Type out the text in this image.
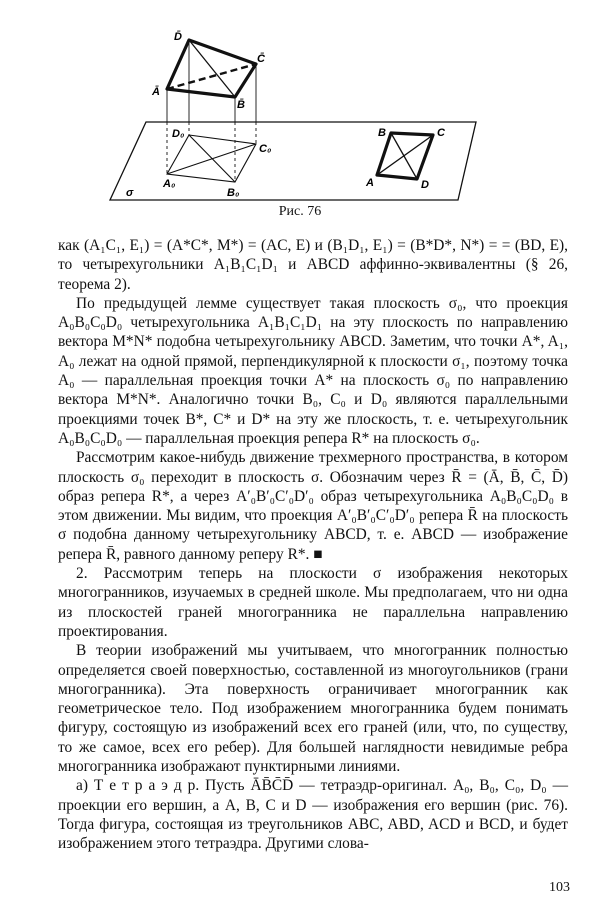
D̄
C̄
Ā
B̄
D₀
C₀
A₀
B₀
σ
B	C
A	D
Рис. 76

как (A₁C₁, E₁) = (A*C*, M*) = (AC, E) и (B₁D₁, E₁) = (B*D*, N*) = = (BD, E), то четырехугольники A₁B₁C₁D₁ и ABCD аффинно-эквивалентны (§ 26, теорема 2).

По предыдущей лемме существует такая плоскость σ₀, что проекция A₀B₀C₀D₀ четырехугольника A₁B₁C₁D₁ на эту плоскость по направлению вектора M*N* подобна четырехугольнику ABCD. Заметим, что точки A*, A₁, A₀ лежат на одной прямой, перпендикулярной к плоскости σ₁, поэтому точка A₀ — параллельная проекция точки A* на плоскость σ₀ по направлению вектора M*N*. Аналогично точки B₀, C₀ и D₀ являются параллельными проекциями точек B*, C* и D* на эту же плоскость, т. е. четырехугольник A₀B₀C₀D₀ — параллельная проекция репера R* на плоскость σ₀.

Рассмотрим какое-нибудь движение трехмерного пространства, в котором плоскость σ₀ переходит в плоскость σ. Обозначим через R̄ = (Ā, B̄, C̄, D̄) образ репера R*, а через A′₀B′₀C′₀D′₀ образ четырехугольника A₀B₀C₀D₀ в этом движении. Мы видим, что проекция A′₀B′₀C′₀D′₀ репера R̄ на плоскость σ подобна данному четырехугольнику ABCD, т. е. ABCD — изображение репера R̄, равного данному реперу R*. ■

2. Рассмотрим теперь на плоскости σ изображения некоторых многогранников, изучаемых в средней школе. Мы предполагаем, что ни одна из плоскостей граней многогранника не параллельна направлению проектирования.

В теории изображений мы учитываем, что многогранник полностью определяется своей поверхностью, составленной из многоугольников (грани многогранника). Эта поверхность ограничивает многогранник как геометрическое тело. Под изображением многогранника будем понимать фигуру, состоящую из изображений всех его граней (или, что, по существу, то же самое, всех его ребер). Для большей наглядности невидимые ребра многогранника изображают пунктирными линиями.

а) Т е т р а э д р. Пусть ĀB̄C̄D̄ — тетраэдр-оригинал. A₀, B₀, C₀, D₀ — проекции его вершин, а A, B, C и D — изображения его вершин (рис. 76). Тогда фигура, состоящая из треугольников ABC, ABD, ACD и BCD, и будет изображением этого тетраэдра. Другими слова-

103
